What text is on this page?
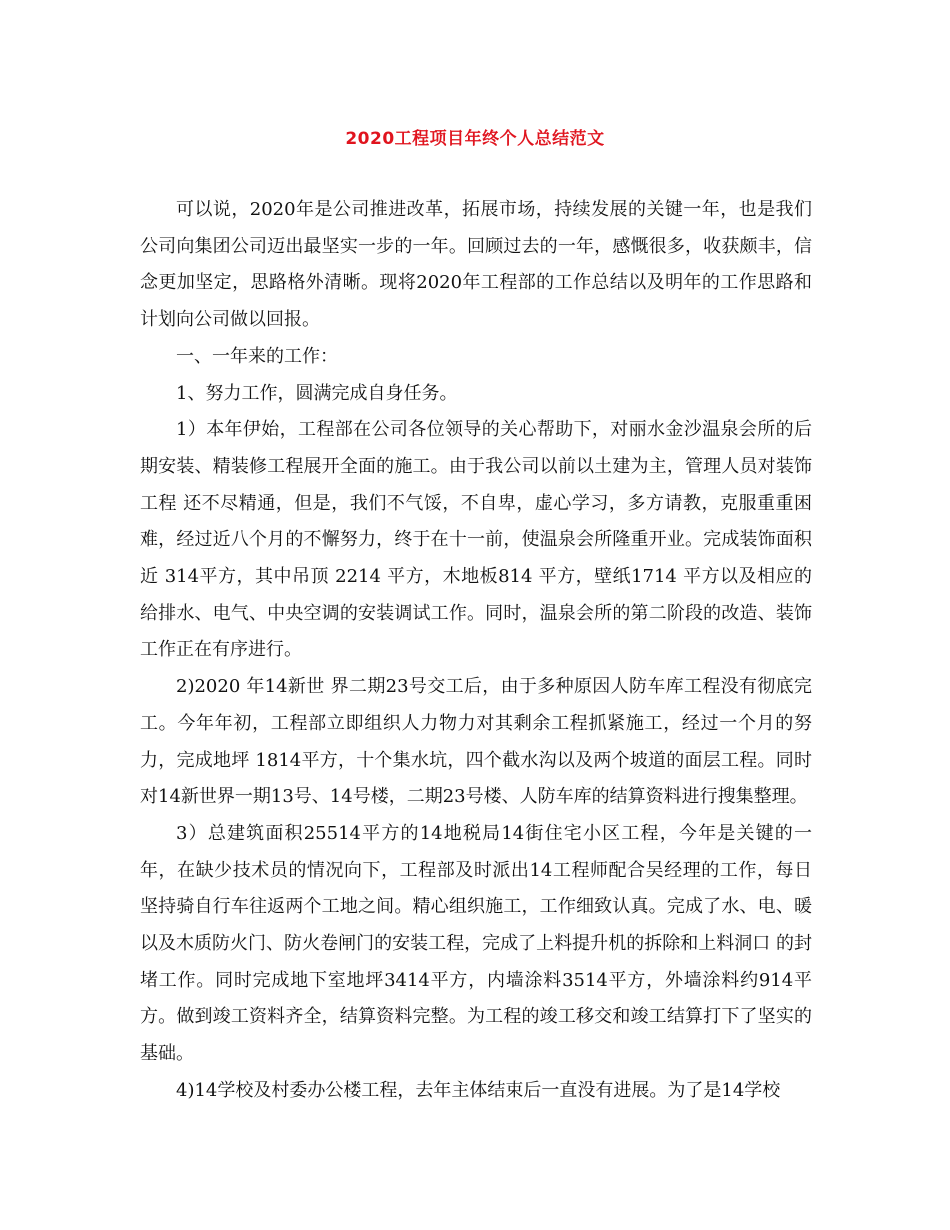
2020工程项目年终个人总结范文

可以说，2020年是公司推进改革，拓展市场，持续发展的关键一年，也是我们公司向集团公司迈出最坚实一步的一年。回顾过去的一年，感慨很多，收获颇丰，信念更加坚定，思路格外清晰。现将2020年工程部的工作总结以及明年的工作思路和计划向公司做以回报。

一、一年来的工作：

1、努力工作，圆满完成自身任务。

1）本年伊始，工程部在公司各位领导的关心帮助下，对丽水金沙温泉会所的后期安装、精装修工程展开全面的施工。由于我公司以前以土建为主，管理人员对装饰工程 还不尽精通，但是，我们不气馁，不自卑，虚心学习，多方请教，克服重重困难，经过近八个月的不懈努力，终于在十一前，使温泉会所隆重开业。完成装饰面积近 314平方，其中吊顶 2214 平方，木地板814 平方，壁纸1714 平方以及相应的给排水、电气、中央空调的安装调试工作。同时，温泉会所的第二阶段的改造、装饰工作正在有序进行。

2)2020 年14新世 界二期23号交工后，由于多种原因人防车库工程没有彻底完工。今年年初，工程部立即组织人力物力对其剩余工程抓紧施工，经过一个月的努力，完成地坪 1814平方，十个集水坑，四个截水沟以及两个坡道的面层工程。同时对14新世界一期13号、14号楼，二期23号楼、人防车库的结算资料进行搜集整理。

3）总建筑面积25514平方的14地税局14街住宅小区工程，今年是关键的一年，在缺少技术员的情况向下，工程部及时派出14工程师配合吴经理的工作，每日 坚持骑自行车往返两个工地之间。精心组织施工，工作细致认真。完成了水、电、暖以及木质防火门、防火卷闸门的安装工程，完成了上料提升机的拆除和上料洞口 的封堵工作。同时完成地下室地坪3414平方，内墙涂料3514平方，外墙涂料约914平方。做到竣工资料齐全，结算资料完整。为工程的竣工移交和竣工结算打下了坚实的基础。

4)14学校及村委办公楼工程，去年主体结束后一直没有进展。为了是14学校
